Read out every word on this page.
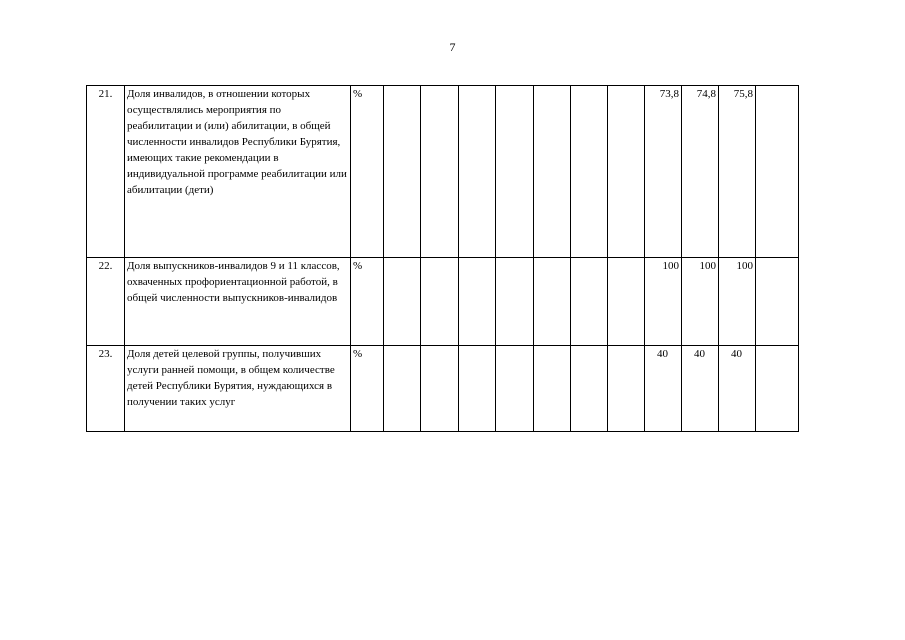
7
21.	Доля инвалидов, в отношении которых осуществлялись мероприятия по реабилитации и (или) абилитации, в общей численности инвалидов Республики Бурятия, имеющих такие рекомендации в индивидуальной программе реабилитации или абилитации (дети)	%								73,8	74,8	75,8	
22.	Доля выпускников-инвалидов 9 и 11 классов, охваченных профориентационной работой, в общей численности выпускников-инвалидов	%								100	100	100	
23.	Доля детей целевой группы, получивших услуги ранней помощи, в общем количестве детей Республики Бурятия, нуждающихся в получении таких услуг	%								40	40	40	
